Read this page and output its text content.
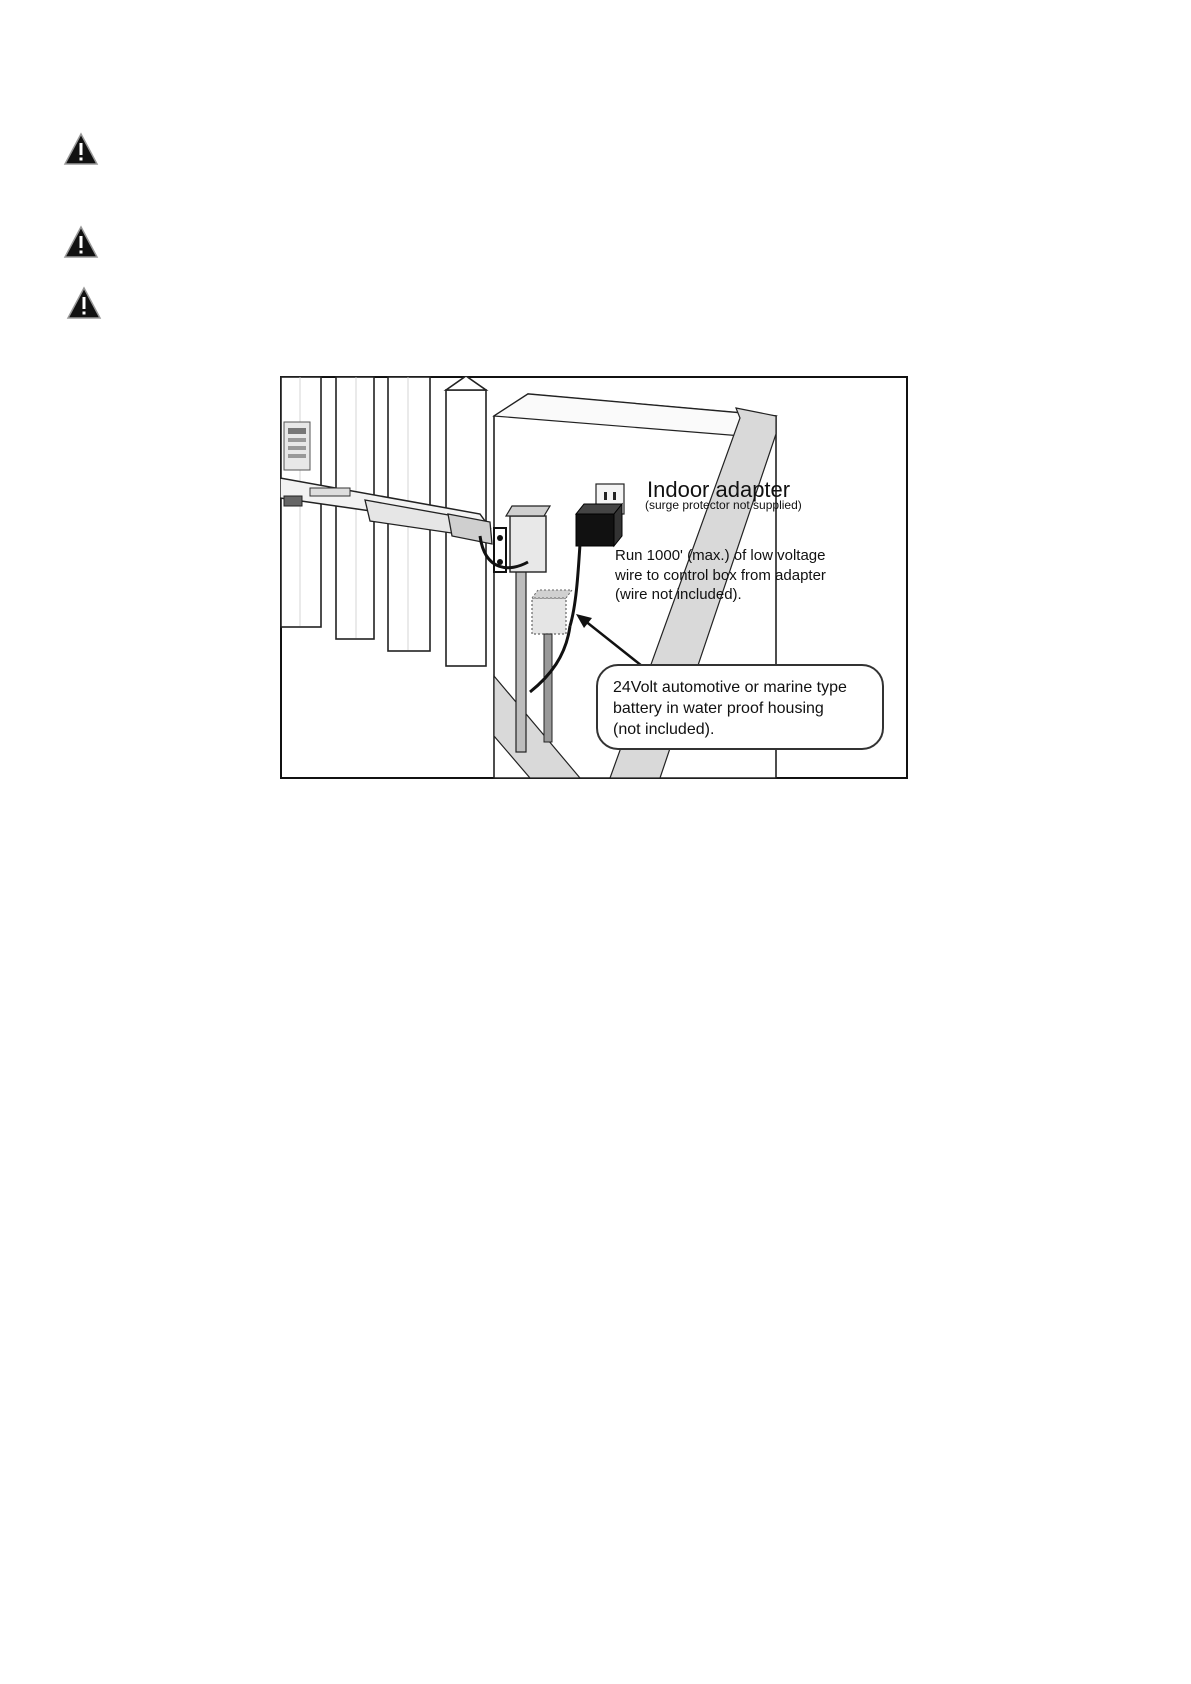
Indoor adapter
(surge protector not supplied)
Run 1000' (max.) of low voltage
wire to control box from adapter
(wire not included).
24Volt automotive or marine type
battery in water proof housing
(not included).
